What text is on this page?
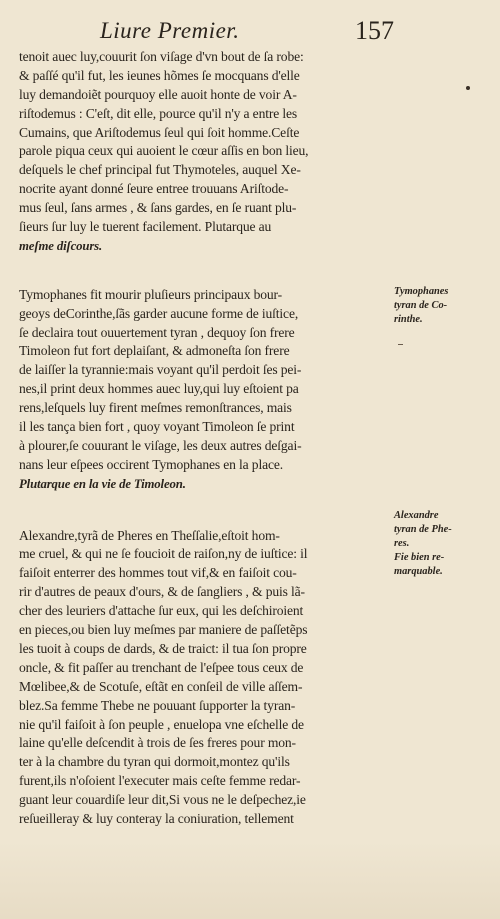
Liure Premier.	157
tenoit auec luy,couurit ſon viſage d'vn bout de ſa robe:
& paſſé qu'il fut, les ieunes hõmes ſe mocquans d'elle
luy demandoiẽt pourquoy elle auoit honte de voir A-
riſtodemus : C'eſt, dit elle, pource qu'il n'y a entre les
Cumains, que Ariſtodemus ſeul qui ſoit homme.Ceſte
parole piqua ceux qui auoient le cœur aſſis en bon lieu,
deſquels le chef principal fut Thymoteles, auquel Xe-
nocrite ayant donné ſeure entree trouuans Ariſtode-
mus ſeul, ſans armes , & ſans gardes, en ſe ruant plu-
ſieurs ſur luy le tuerent facilement. Plutarque au
meſme diſcours.
Tymophanes fit mourir pluſieurs principaux bour-
geoys deCorinthe,ſãs garder aucune forme de iuſtice,
ſe declaira tout ouuertement tyran , dequoy ſon frere
Timoleon fut fort deplaiſant, & admoneſta ſon frere
de laiſſer la tyrannie:mais voyant qu'il perdoit ſes pei-
nes,il print deux hommes auec luy,qui luy eſtoient pa
rens,leſquels luy firent meſmes remonſtrances, mais
il les tança bien fort , quoy voyant Timoleon ſe print
à plourer,ſe couurant le viſage, les deux autres deſgai-
nans leur eſpees occirent Tymophanes en la place.
Plutarque en la vie de Timoleon.
Alexandre,tyrã de Pheres en Theſſalie,eſtoit hom-
me cruel, & qui ne ſe foucioit de raiſon,ny de iuſtice: il
faiſoit enterrer des hommes tout vif,& en faiſoit cou-
rir d'autres de peaux d'ours, & de ſangliers , & puis lã-
cher des leuriers d'attache ſur eux, qui les deſchiroient
en pieces,ou bien luy meſmes par maniere de paſſetẽps
les tuoit à coups de dards, & de traict: il tua ſon propre
oncle, & fit paſſer au trenchant de l'eſpee tous ceux de
Mœlibee,& de Scotuſe, eſtãt en conſeil de ville aſſem-
blez.Sa femme Thebe ne pouuant ſupporter la tyran-
nie qu'il faiſoit à ſon peuple , enuelopa vne eſchelle de
laine qu'elle deſcendit à trois de ſes freres pour mon-
ter à la chambre du tyran qui dormoit,montez qu'ils
furent,ils n'oſoient l'executer mais ceſte femme redar-
guant leur couardiſe leur dit,Si vous ne le deſpechez,ie
reſueilleray & luy conteray la coniuration, tellement
Tymophanes
tyran de Co-
rinthe.
Alexandre
tyran de Phe-
res.
Fie bien re-
marquable.
